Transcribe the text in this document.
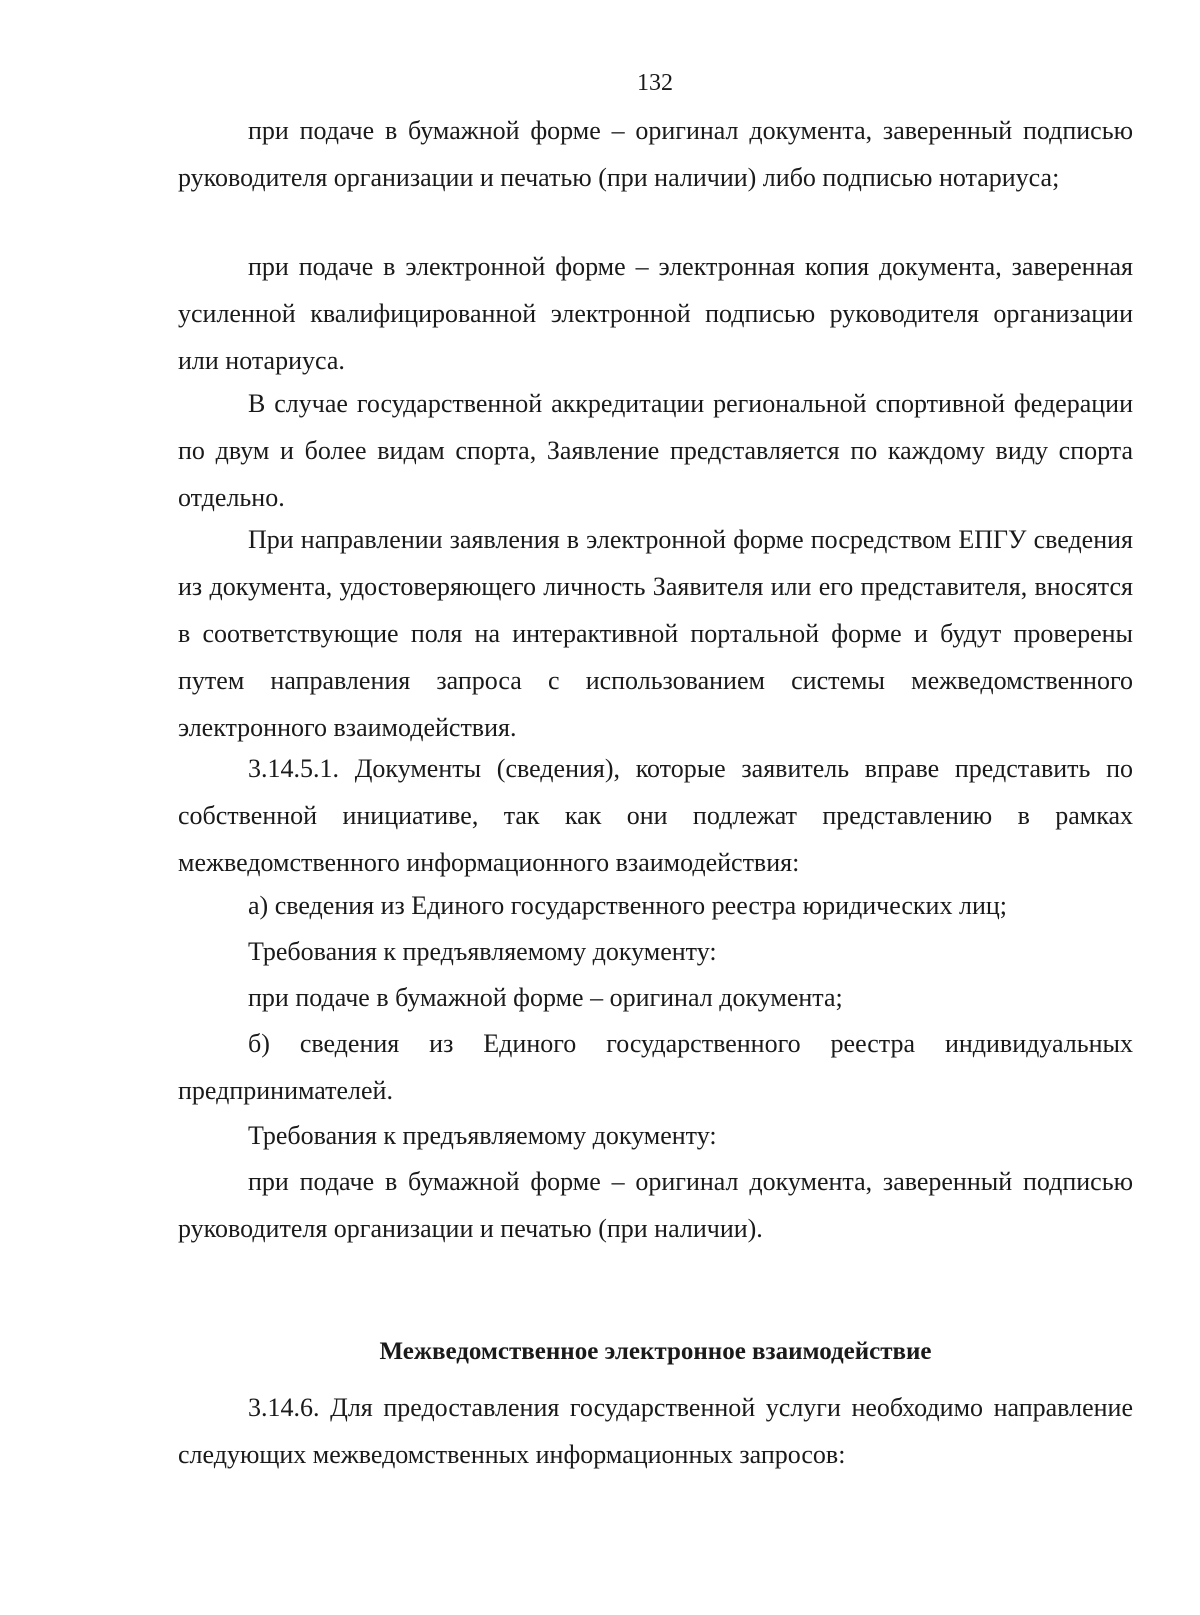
132

при подаче в бумажной форме – оригинал документа, заверенный подписью руководителя организации и печатью (при наличии) либо подписью нотариуса;

при подаче в электронной форме – электронная копия документа, заверенная усиленной квалифицированной электронной подписью руководителя организации или нотариуса.

В случае государственной аккредитации региональной спортивной федерации по двум и более видам спорта, Заявление представляется по каждому виду спорта отдельно.

При направлении заявления в электронной форме посредством ЕПГУ сведения из документа, удостоверяющего личность Заявителя или его представителя, вносятся в соответствующие поля на интерактивной портальной форме и будут проверены путем направления запроса с использованием системы межведомственного электронного взаимодействия.

3.14.5.1. Документы (сведения), которые заявитель вправе представить по собственной инициативе, так как они подлежат представлению в рамках межведомственного информационного взаимодействия:

а) сведения из Единого государственного реестра юридических лиц;

Требования к предъявляемому документу:

при подаче в бумажной форме – оригинал документа;

б) сведения из Единого государственного реестра индивидуальных предпринимателей.

Требования к предъявляемому документу:

при подаче в бумажной форме – оригинал документа, заверенный подписью руководителя организации и печатью (при наличии).

Межведомственное электронное взаимодействие

3.14.6. Для предоставления государственной услуги необходимо направление следующих межведомственных информационных запросов:
